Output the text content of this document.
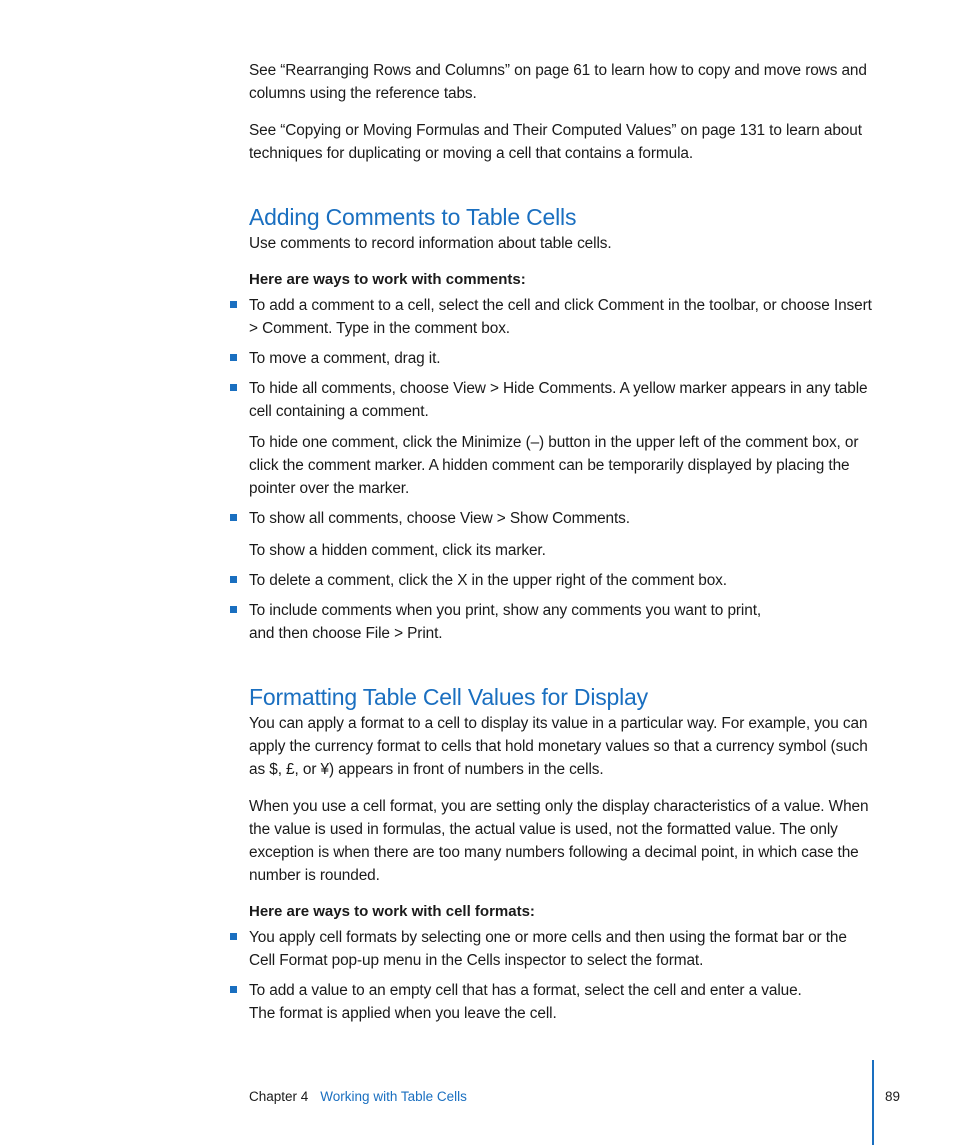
See “Rearranging Rows and Columns” on page 61 to learn how to copy and move rows and columns using the reference tabs.

See “Copying or Moving Formulas and Their Computed Values” on page 131 to learn about techniques for duplicating or moving a cell that contains a formula.

Adding Comments to Table Cells

Use comments to record information about table cells.

Here are ways to work with comments:

To add a comment to a cell, select the cell and click Comment in the toolbar, or choose Insert > Comment. Type in the comment box.

To move a comment, drag it.

To hide all comments, choose View > Hide Comments. A yellow marker appears in any table cell containing a comment.

To hide one comment, click the Minimize (–) button in the upper left of the comment box, or click the comment marker. A hidden comment can be temporarily displayed by placing the pointer over the marker.

To show all comments, choose View > Show Comments.

To show a hidden comment, click its marker.

To delete a comment, click the X in the upper right of the comment box.

To include comments when you print, show any comments you want to print,

and then choose File > Print.

Formatting Table Cell Values for Display

You can apply a format to a cell to display its value in a particular way. For example, you can apply the currency format to cells that hold monetary values so that a currency symbol (such as $, £, or ¥) appears in front of numbers in the cells.

When you use a cell format, you are setting only the display characteristics of a value. When the value is used in formulas, the actual value is used, not the formatted value. The only exception is when there are too many numbers following a decimal point, in which case the number is rounded.

Here are ways to work with cell formats:

You apply cell formats by selecting one or more cells and then using the format bar or the Cell Format pop-up menu in the Cells inspector to select the format.

To add a value to an empty cell that has a format, select the cell and enter a value.

The format is applied when you leave the cell.

Chapter 4 Working with Table Cells	89
